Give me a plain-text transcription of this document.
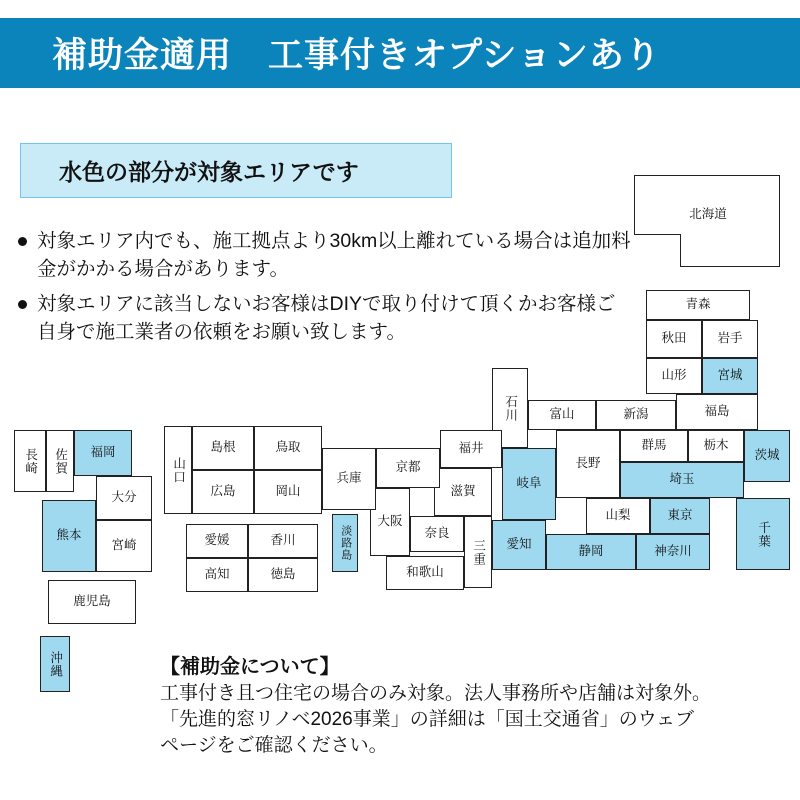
補助金適用　工事付きオプションあり
水色の部分が対象エリアです
対象エリア内でも、施工拠点より30km以上離れている場合は追加料金がかかる場合があります。
対象エリアに該当しないお客様はDIYで取り付けて頂くかお客様ご自身で施工業者の依頼をお願い致します。
北海道
青森
秋田 岩手
山形 宮城
福島
新潟
富山
石川
福井	群馬	栃木
茨城
埼玉
千葉
東京
神奈川
山梨
長野
岐阜
静岡
愛知
三重
滋賀
京都
大阪
奈良
和歌山
兵庫
鳥取
島根
岡山
広島
山口
香川
愛媛
徳島
高知
淡路島
福岡
佐賀
長崎
大分
熊本
宮崎
鹿児島
沖縄	【補助金について】
工事付き且つ住宅の場合のみ対象。法人事務所や店舗は対象外。
「先進的窓リノベ2026事業」の詳細は「国土交通省」のウェブ
ページをご確認ください。
